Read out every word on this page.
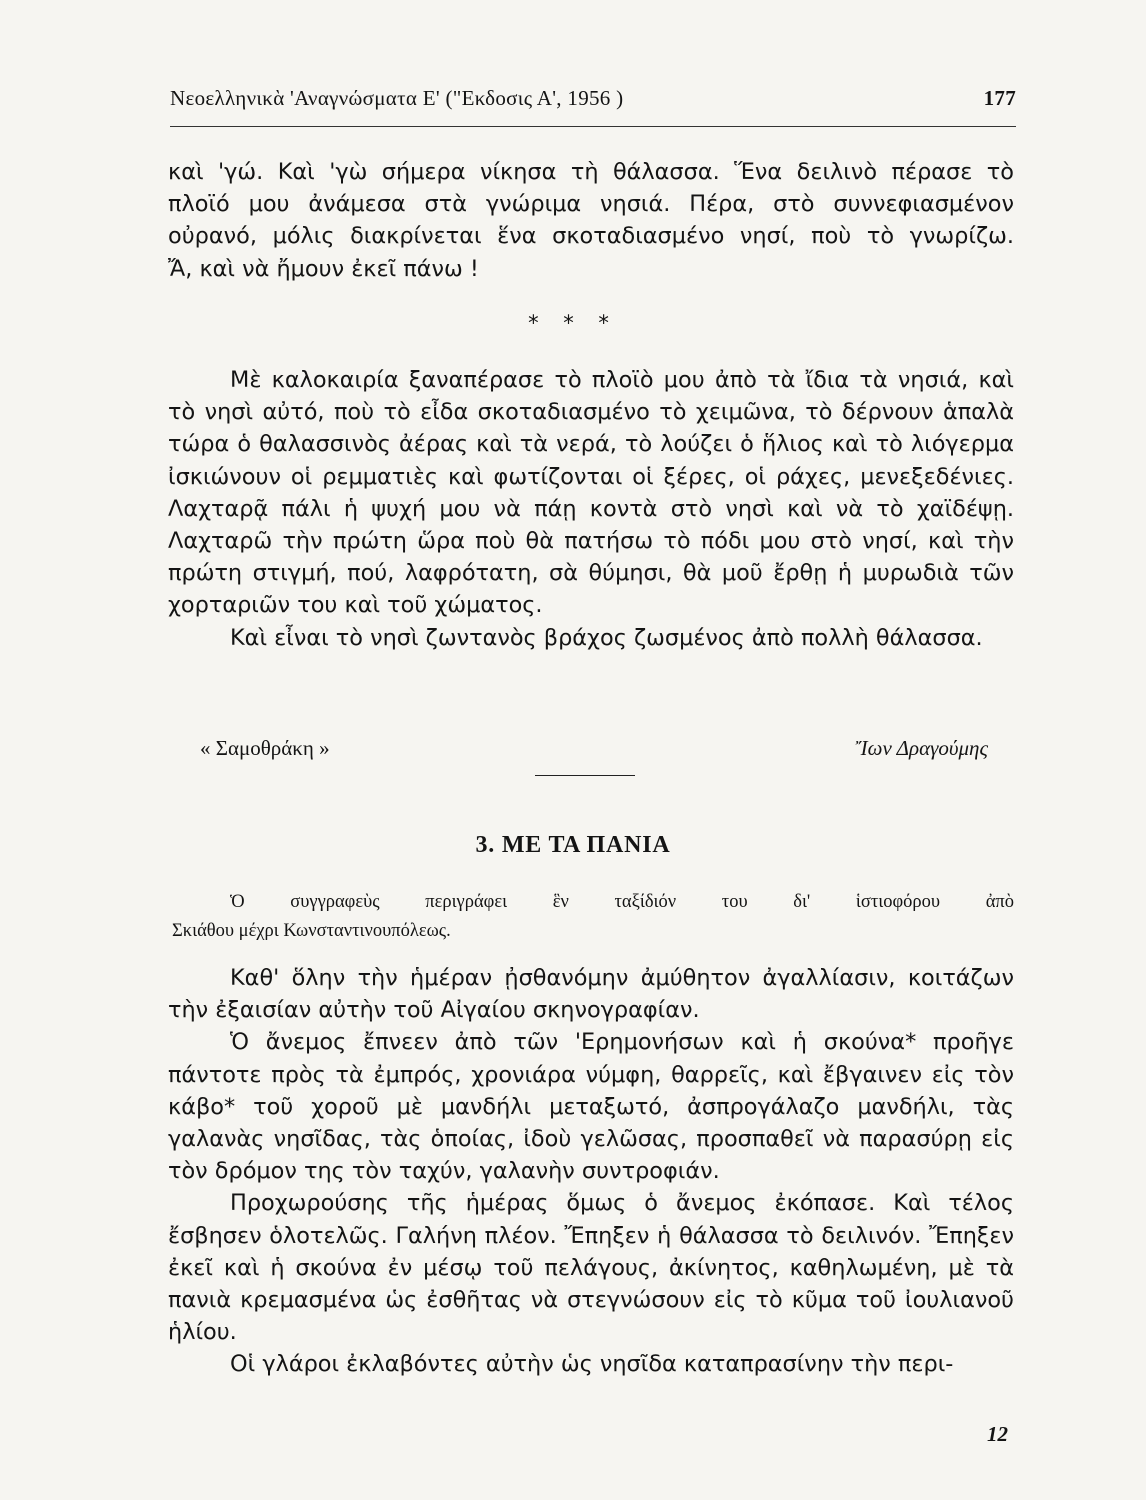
Νεοελληνικὰ 'Αναγνώσματα Ε' ("Εκδοσις Α', 1956 )	177

καὶ 'γώ. Καὶ 'γὼ σήμερα νίκησα τὴ θάλασσα. Ἕνα δειλινὸ πέρασε τὸ

πλοϊό μου ἀνάμεσα στὰ γνώριμα νησιά. Πέρα, στὸ συννεφιασμένον

οὐρανό, μόλις διακρίνεται ἕνα σκοταδιασμένο νησί, ποὺ τὸ γνωρίζω.

Ἄ, καὶ νὰ ἤμουν ἐκεῖ πάνω !

* * *

Μὲ καλοκαιρία ξαναπέρασε τὸ πλοϊὸ μου ἀπὸ τὰ ἴδια τὰ νησιά, καὶ τὸ νησὶ αὐτό, ποὺ τὸ εἶδα σκοταδιασμένο τὸ χειμῶνα, τὸ δέρνουν ἁπαλὰ τώρα ὁ θαλασσινὸς ἀέρας καὶ τὰ νερά, τὸ λούζει ὁ ἥλιος καὶ τὸ λιόγερμα ἰσκιώνουν οἱ ρεμματιὲς καὶ φωτίζονται οἱ ξέρες, οἱ ράχες, μενεξεδένιες. Λαχταρᾷ πάλι ἡ ψυχή μου νὰ πάῃ κοντὰ στὸ νησὶ καὶ νὰ τὸ χαϊδέψῃ. Λαχταρῶ τὴν πρώτη ὥρα ποὺ θὰ πατήσω τὸ πόδι μου στὸ νησί, καὶ τὴν πρώτη στιγμή, πού, λαφρότατη, σὰ θύμησι, θὰ μοῦ ἔρθῃ ἡ μυρωδιὰ τῶν χορταριῶν του καὶ τοῦ χώματος.

Καὶ εἶναι τὸ νησὶ ζωντανὸς βράχος ζωσμένος ἀπὸ πολλὴ θάλασσα.

« Σαμοθράκη »	Ἴων Δραγούμης
3. ΜΕ ΤΑ ΠΑΝΙΑ
Ὁ συγγραφεὺς περιγράφει ἓν ταξίδιόν του δι' ἱστιοφόρου ἀπὸ
Σκιάθου μέχρι Κωνσταντινουπόλεως.

Καθ' ὅλην τὴν ἡμέραν ᾐσθανόμην ἀμύθητον ἀγαλλίασιν, κοιτάζων τὴν ἐξαισίαν αὐτὴν τοῦ Αἰγαίου σκηνογραφίαν.

Ὁ ἄνεμος ἔπνεεν ἀπὸ τῶν 'Ερημονήσων καὶ ἡ σκούνα* προῆγε πάντοτε πρὸς τὰ ἐμπρός, χρονιάρα νύμφη, θαρρεῖς, καὶ ἔβγαινεν εἰς τὸν κάβο* τοῦ χοροῦ μὲ μανδήλι μεταξωτό, ἀσπρογάλαζο μανδήλι, τὰς γαλανὰς νησῖδας, τὰς ὁποίας, ἰδοὺ γελῶσας, προσπαθεῖ νὰ παρασύρῃ εἰς τὸν δρόμον της τὸν ταχύν, γαλανὴν συντροφιάν.

Προχωρούσης τῆς ἡμέρας ὅμως ὁ ἄνεμος ἐκόπασε. Καὶ τέλος ἔσβησεν ὁλοτελῶς. Γαλήνη πλέον. Ἔπηξεν ἡ θάλασσα τὸ δειλινόν. Ἔπηξεν ἐκεῖ καὶ ἡ σκούνα ἐν μέσῳ τοῦ πελάγους, ἀκίνητος, καθηλωμένη, μὲ τὰ πανιὰ κρεμασμένα ὡς ἐσθῆτας νὰ στεγνώσουν εἰς τὸ κῦμα τοῦ ἰουλιανοῦ ἡλίου.

Οἱ γλάροι ἐκλαβόντες αὐτὴν ὡς νησῖδα καταπρασίνην τὴν περι-

12
